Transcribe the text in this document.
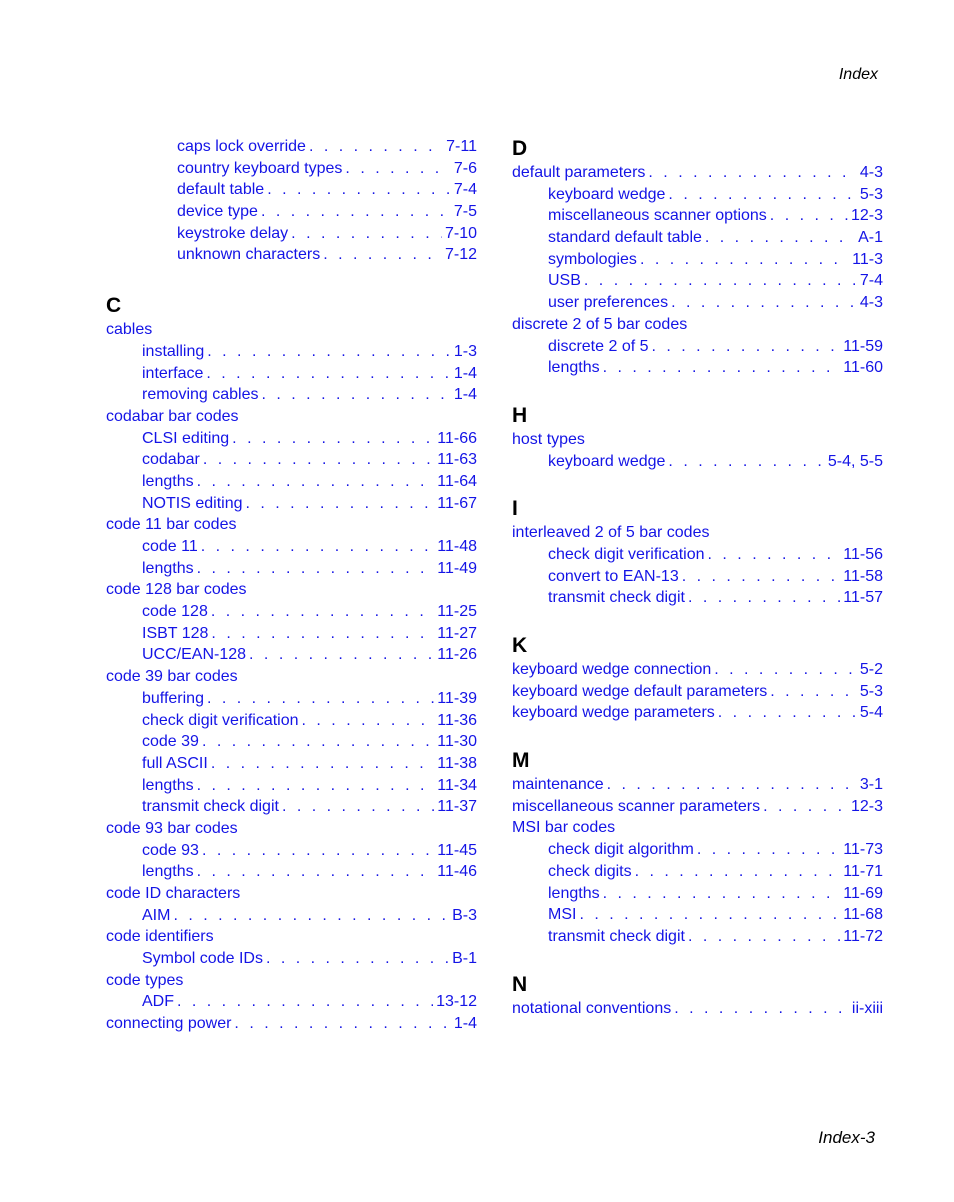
Index
caps lock override . . .	7-11
country keyboard types . . .	7-6
default table . . .	7-4
device type . . .	7-5
keystroke delay . . .	7-10
unknown characters . . .	7-12
C
cables
installing . . .	1-3
interface . . .	1-4
removing cables . . .	1-4
codabar bar codes
CLSI editing . . .	11-66
codabar . . .	11-63
lengths . . .	11-64
NOTIS editing . . .	11-67
code 11 bar codes
code 11 . . .	11-48
lengths . . .	11-49
code 128 bar codes
code 128 . . .	11-25
ISBT 128 . . .	11-27
UCC/EAN-128 . . .	11-26
code 39 bar codes
buffering . . .	11-39
check digit verification . . .	11-36
code 39 . . .	11-30
full ASCII . . .	11-38
lengths . . .	11-34
transmit check digit . . .	11-37
code 93 bar codes
code 93 . . .	11-45
lengths . . .	11-46
code ID characters
AIM . . .	B-3
code identifiers
Symbol code IDs . . .	B-1
code types
ADF . . .	13-12
connecting power . . .	1-4
D
default parameters . . .	4-3
keyboard wedge . . .	5-3
miscellaneous scanner options . . .	12-3
standard default table . . .	A-1
symbologies . . .	11-3
USB . . .	7-4
user preferences . . .	4-3
discrete 2 of 5 bar codes
discrete 2 of 5 . . .	11-59
lengths . . .	11-60
H
host types
keyboard wedge . . .	5-4, 5-5
I
interleaved 2 of 5 bar codes
check digit verification . . .	11-56
convert to EAN-13 . . .	11-58
transmit check digit . . .	11-57
K
keyboard wedge connection . . .	5-2
keyboard wedge default parameters . . .	5-3
keyboard wedge parameters . . .	5-4
M
maintenance . . .	3-1
miscellaneous scanner parameters . . .	12-3
MSI bar codes
check digit algorithm . . .	11-73
check digits . . .	11-71
lengths . . .	11-69
MSI . . .	11-68
transmit check digit . . .	11-72
N
notational conventions . . .	ii-xiii
Index-3
